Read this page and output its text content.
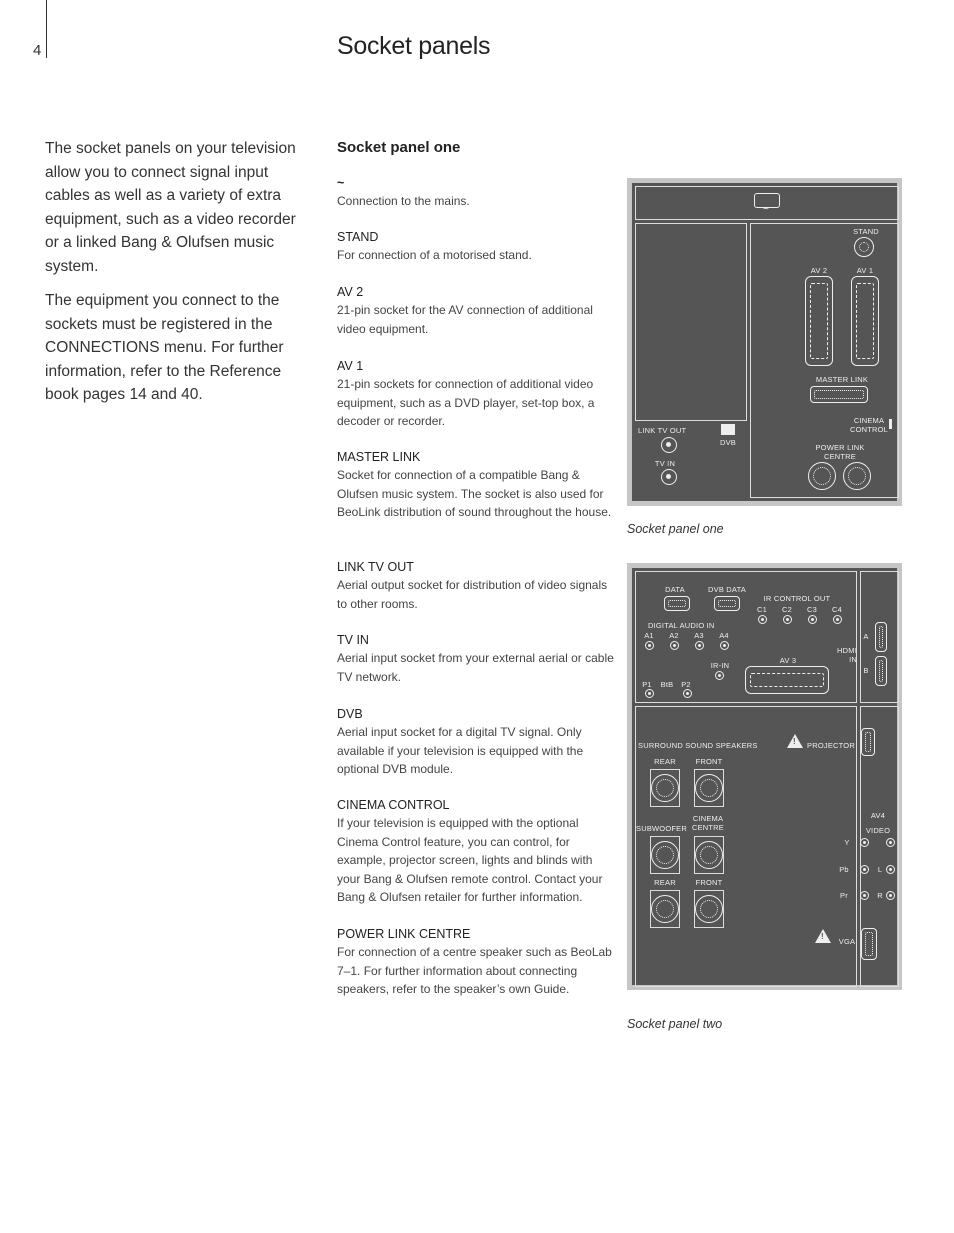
4	Socket panels

The socket panels on your television allow you to connect signal input cables as well as a variety of extra equipment, such as a video recorder or a linked Bang & Olufsen music system.

The equipment you connect to the sockets must be registered in the CONNECTIONS menu. For further information, refer to the Reference book pages 14 and 40.

Socket panel one
~
Connection to the mains.
STAND
For connection of a motorised stand.
AV 2
21-pin socket for the AV connection of additional video equipment.
AV 1
21-pin sockets for connection of additional video equipment, such as a DVD player, set-top box, a decoder or recorder.
MASTER LINK
Socket for connection of a compatible Bang & Olufsen music system. The socket is also used for BeoLink distribution of sound throughout the house.
LINK TV OUT
Aerial output socket for distribution of video signals to other rooms.
TV IN
Aerial input socket from your external aerial or cable TV network.
DVB
Aerial input socket for a digital TV signal. Only available if your television is equipped with the optional DVB module.
CINEMA CONTROL
If your television is equipped with the optional Cinema Control feature, you can control, for example, projector screen, lights and blinds with your Bang & Olufsen remote control. Contact your Bang & Olufsen retailer for further information.
POWER LINK CENTRE
For connection of a centre speaker such as BeoLab 7–1. For further information about connecting speakers, refer to the speaker’s own Guide.
~
STAND
AV 2	AV 1
MASTER LINK
CINEMA CONTROL
LINK TV OUT
DVB
TV IN
POWER LINK CENTRE
Socket panel one
DATA	DVB DATA
IR CONTROL OUT
C1 C2 C3 C4
DIGITAL AUDIO IN
A1 A2 A3 A4
IR-IN
AV 3
HDMI IN
A
B
P1 BtB P2
SURROUND SOUND SPEAKERS	! PROJECTOR
REAR	FRONT
SUBWOOFER
CINEMA CENTRE
REAR	FRONT
AV4
VIDEO
Y
Pb	L
Pr	R
!
VGA
Socket panel two
